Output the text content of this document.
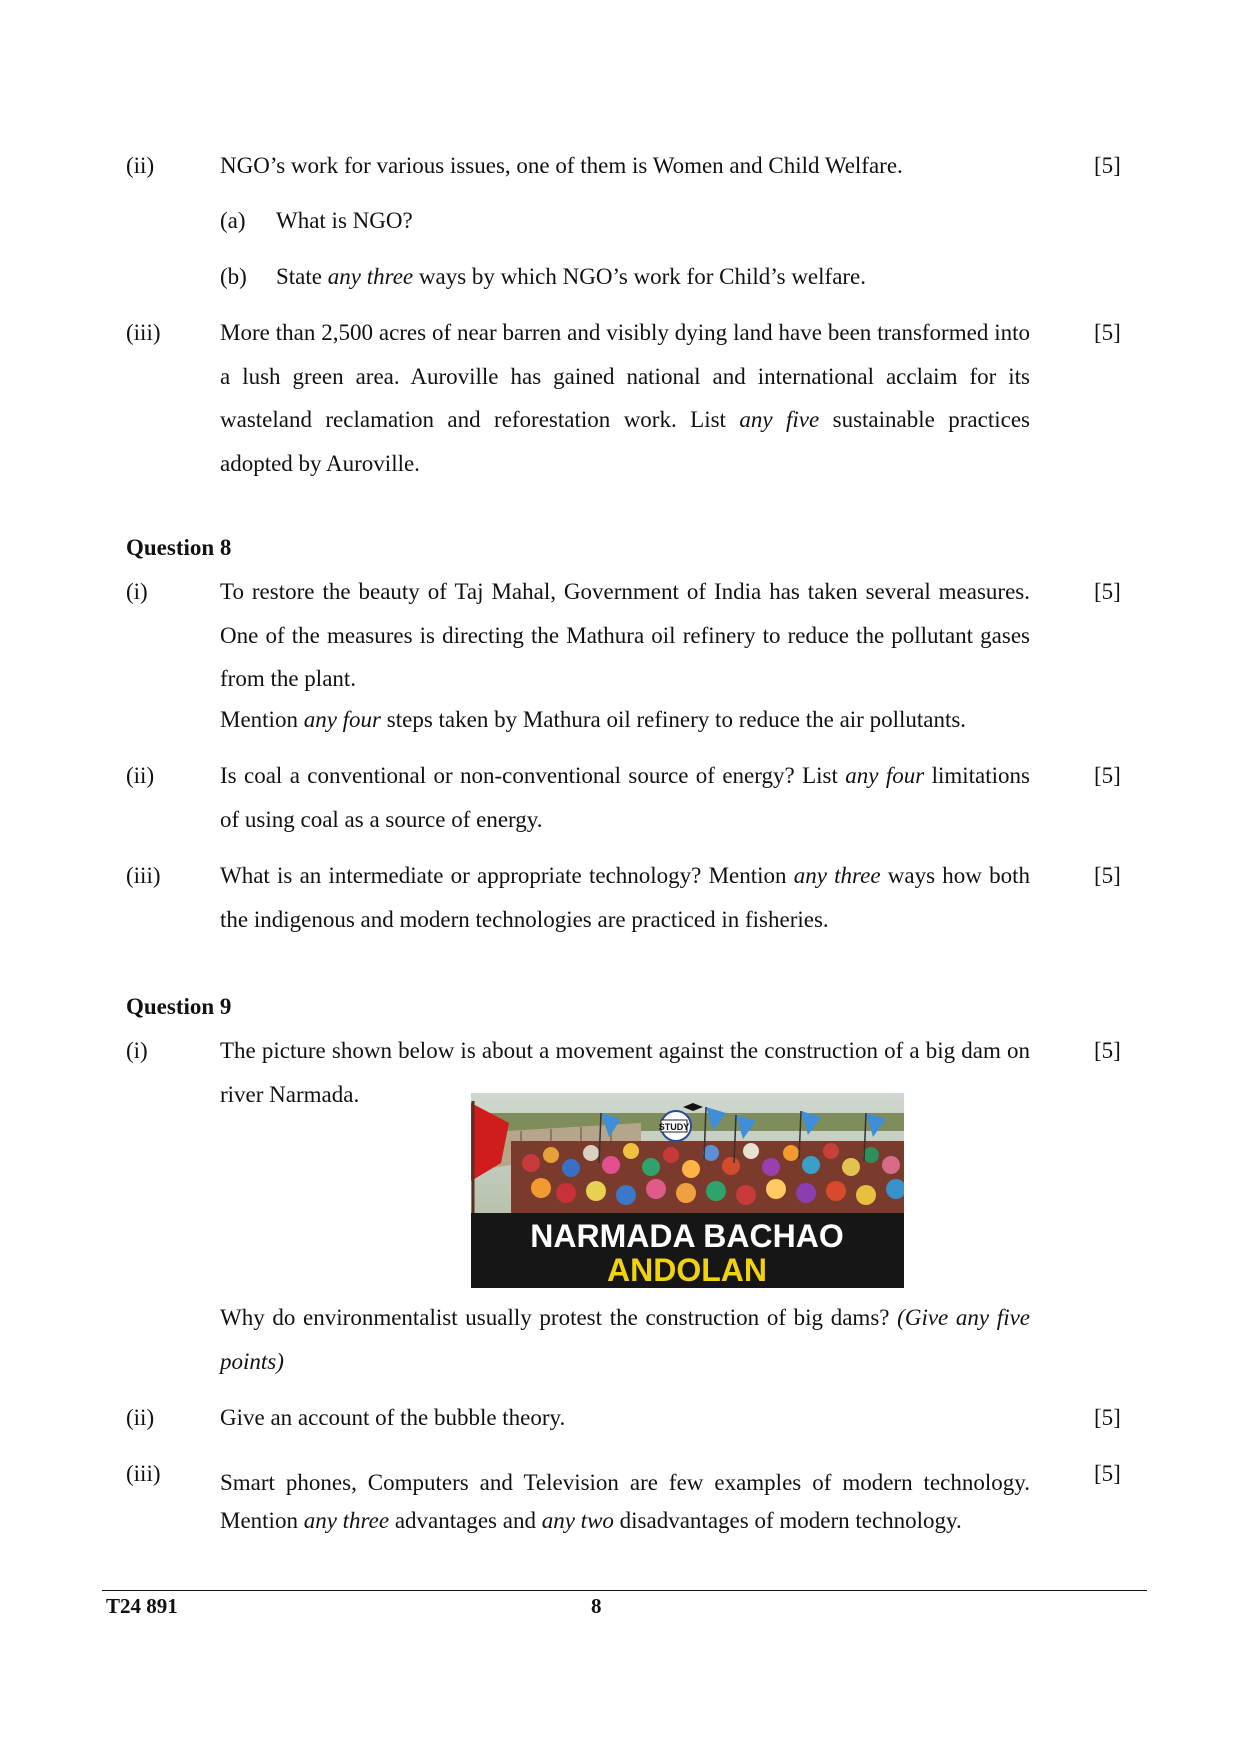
(ii)	NGO’s work for various issues, one of them is Women and Child Welfare.	[5]
(a) What is NGO?
(b) State any three ways by which NGO’s work for Child’s welfare.
(iii)	More than 2,500 acres of near barren and visibly dying land have been transformed into a lush green area. Auroville has gained national and international acclaim for its wasteland reclamation and reforestation work. List any five sustainable practices adopted by Auroville.
[5]
Question 8
(i)	To restore the beauty of Taj Mahal, Government of India has taken several measures. One of the measures is directing the Mathura oil refinery to reduce the pollutant gases from the plant.
Mention any four steps taken by Mathura oil refinery to reduce the air pollutants.
[5]
(ii)	Is coal a conventional or non-conventional source of energy? List any four limitations of using coal as a source of energy.
[5]
(iii)	What is an intermediate or appropriate technology? Mention any three ways how both the indigenous and modern technologies are practiced in fisheries.
[5]
Question 9
(i)	The picture shown below is about a movement against the construction of a big dam on river Narmada.
[5]
STUDY
NARMADA BACHAO
ANDOLAN
Why do environmentalist usually protest the construction of big dams? (Give any five points)
(ii)	Give an account of the bubble theory.	[5]
(iii)	Smart phones, Computers and Television are few examples of modern technology. Mention any three advantages and any two disadvantages of modern technology.
[5]
T24 891	8
